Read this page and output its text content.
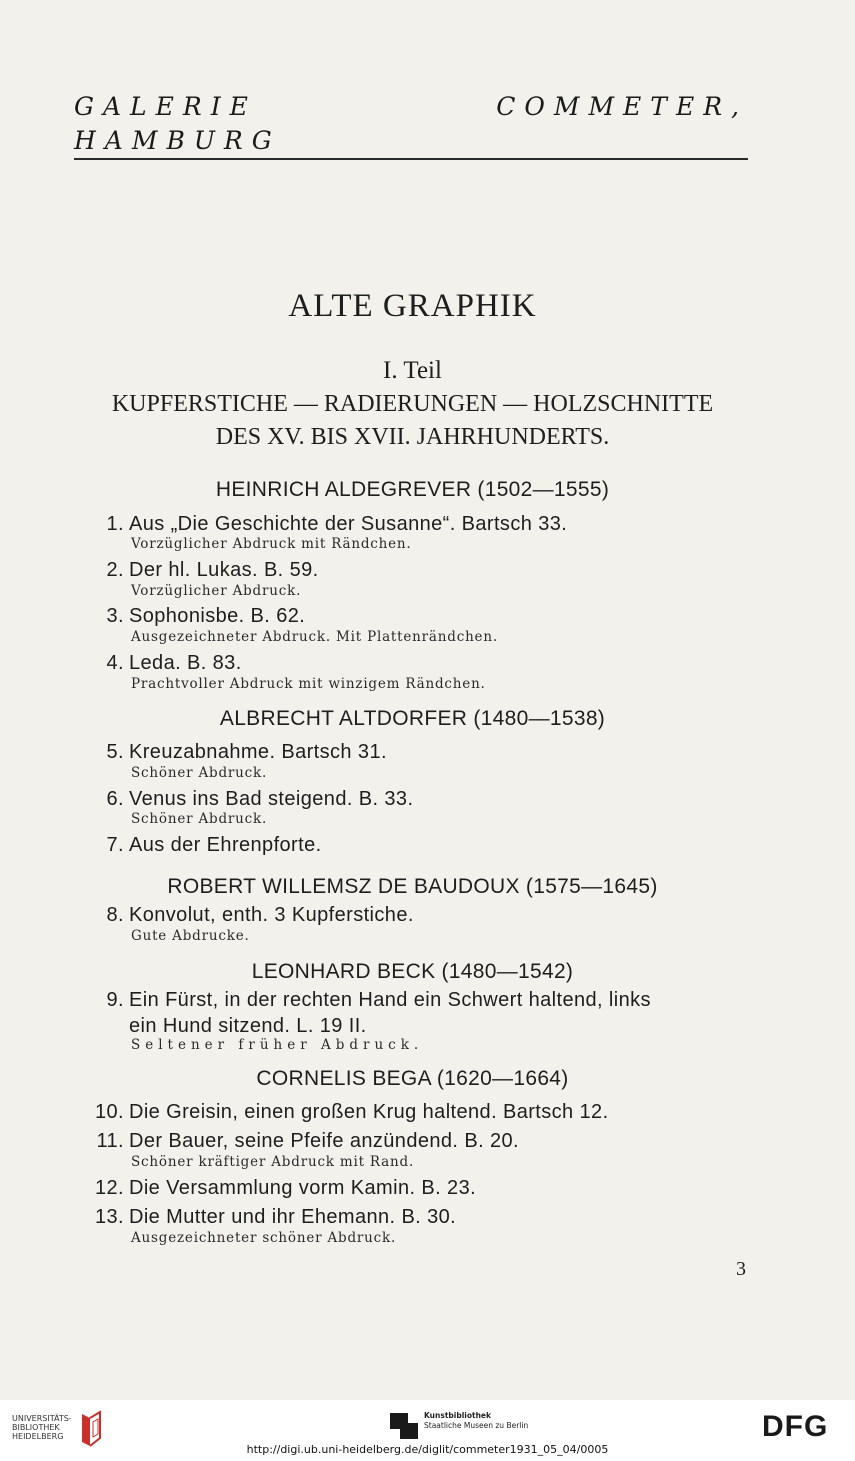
GALERIE COMMETER, HAMBURG
ALTE GRAPHIK
I. Teil
KUPFERSTICHE — RADIERUNGEN — HOLZSCHNITTE
DES XV. BIS XVII. JAHRHUNDERTS.
HEINRICH ALDEGREVER (1502—1555)
1. Aus „Die Geschichte der Susanne“. Bartsch 33.
Vorzüglicher Abdruck mit Rändchen.
2. Der hl. Lukas. B. 59.
Vorzüglicher Abdruck.
3. Sophonisbe. B. 62.
Ausgezeichneter Abdruck. Mit Plattenrändchen.
4. Leda. B. 83.
Prachtvoller Abdruck mit winzigem Rändchen.
ALBRECHT ALTDORFER (1480—1538)
5. Kreuzabnahme. Bartsch 31.
Schöner Abdruck.
6. Venus ins Bad steigend. B. 33.
Schöner Abdruck.
7. Aus der Ehrenpforte.
ROBERT WILLEMSZ DE BAUDOUX (1575—1645)
8. Konvolut, enth. 3 Kupferstiche.
Gute Abdrucke.
LEONHARD BECK (1480—1542)
9. Ein Fürst, in der rechten Hand ein Schwert haltend, links
ein Hund sitzend. L. 19 II.
Seltener früher Abdruck.
CORNELIS BEGA (1620—1664)
10. Die Greisin, einen großen Krug haltend. Bartsch 12.
11. Der Bauer, seine Pfeife anzündend. B. 20.
Schöner kräftiger Abdruck mit Rand.
12. Die Versammlung vorm Kamin. B. 23.
13. Die Mutter und ihr Ehemann. B. 30.
Ausgezeichneter schöner Abdruck.
3
UNIVERSITÄTS-
BIBLIOTHEK
HEIDELBERG
Kunstbibliothek
Staatliche Museen zu Berlin	DFG
http://digi.ub.uni-heidelberg.de/diglit/commeter1931_05_04/0005
